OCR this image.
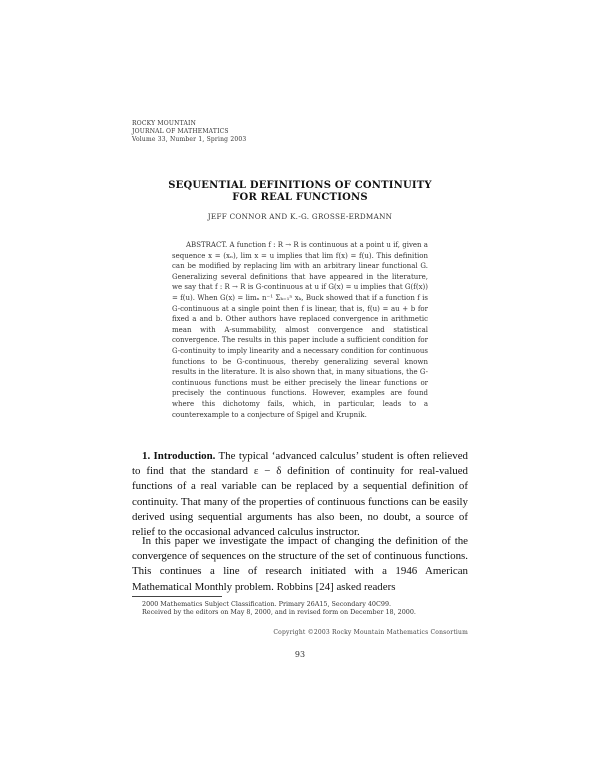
ROCKY MOUNTAIN
JOURNAL OF MATHEMATICS
Volume 33, Number 1, Spring 2003
SEQUENTIAL DEFINITIONS OF CONTINUITY
FOR REAL FUNCTIONS
JEFF CONNOR AND K.-G. GROSSE-ERDMANN
ABSTRACT. A function f : R → R is continuous at a point u if, given a sequence x = (xₙ), lim x = u implies that lim f(x) = f(u). This definition can be modified by replacing lim with an arbitrary linear functional G. Generalizing several definitions that have appeared in the literature, we say that f : R → R is G-continuous at u if G(x) = u implies that G(f(x)) = f(u). When G(x) = limₙ n⁻¹ Σₖ₌₁ⁿ xₖ, Buck showed that if a function f is G-continuous at a single point then f is linear, that is, f(u) = au + b for fixed a and b. Other authors have replaced convergence in arithmetic mean with A-summability, almost convergence and statistical convergence. The results in this paper include a sufficient condition for G-continuity to imply linearity and a necessary condition for continuous functions to be G-continuous, thereby generalizing several known results in the literature. It is also shown that, in many situations, the G-continuous functions must be either precisely the linear functions or precisely the continuous functions. However, examples are found where this dichotomy fails, which, in particular, leads to a counterexample to a conjecture of Spigel and Krupnik.
1. Introduction. The typical ‘advanced calculus’ student is often relieved to find that the standard ε − δ definition of continuity for real-valued functions of a real variable can be replaced by a sequential definition of continuity. That many of the properties of continuous functions can be easily derived using sequential arguments has also been, no doubt, a source of relief to the occasional advanced calculus instructor.
In this paper we investigate the impact of changing the definition of the convergence of sequences on the structure of the set of continuous functions. This continues a line of research initiated with a 1946 American Mathematical Monthly problem. Robbins [24] asked readers
2000 Mathematics Subject Classification. Primary 26A15, Secondary 40C99.
Received by the editors on May 8, 2000, and in revised form on December 18, 2000.
Copyright ©2003 Rocky Mountain Mathematics Consortium
93
